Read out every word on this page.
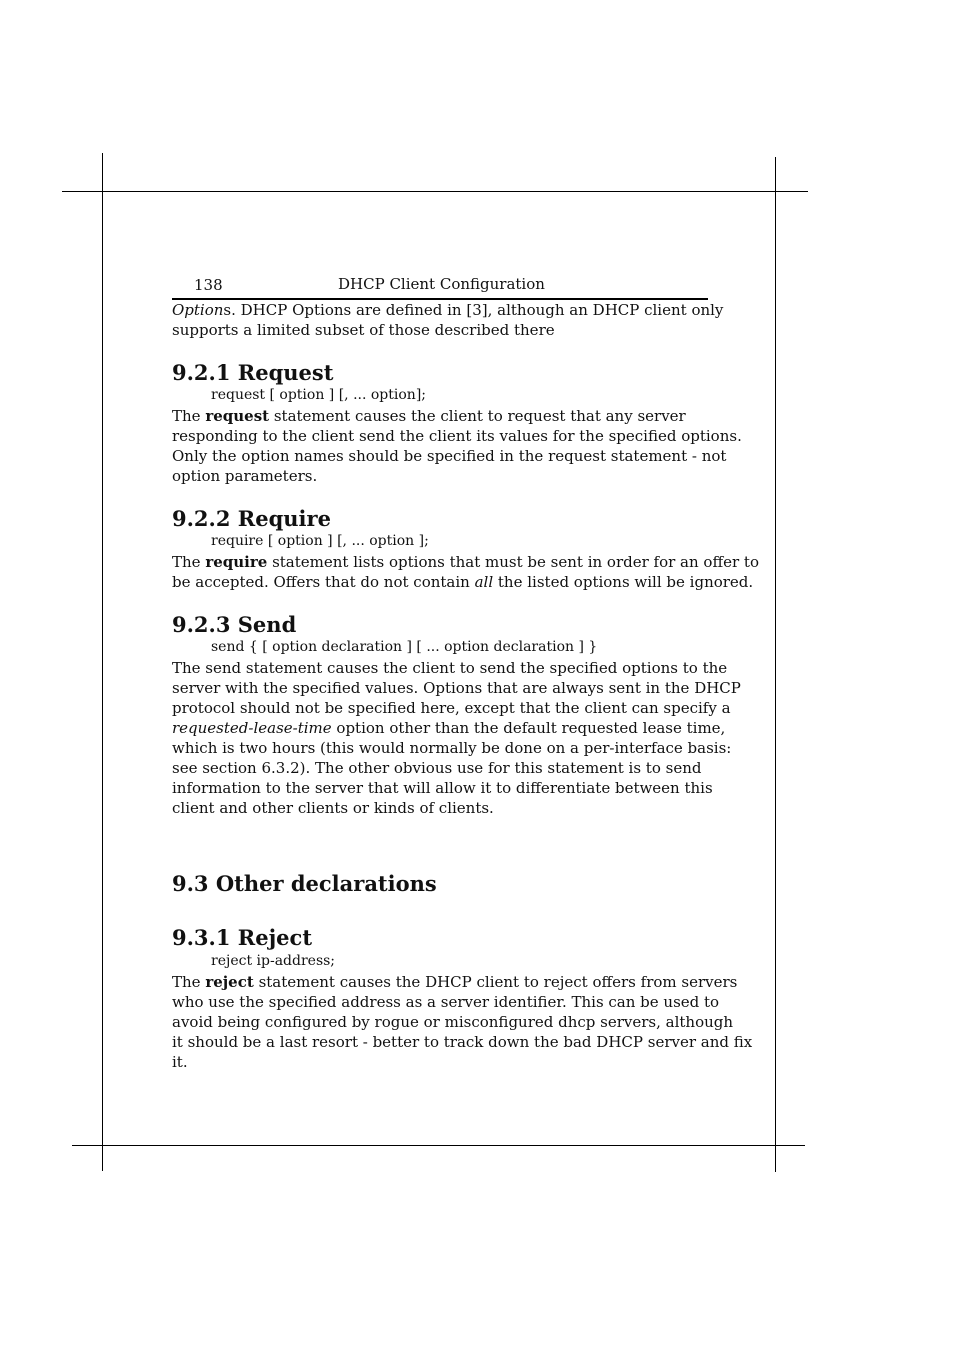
138	DHCP Client Configuration
Options. DHCP Options are defined in [3], although an DHCP client only
supports a limited subset of those described there
9.2.1 Request
request [ option ] [, ... option];
The request statement causes the client to request that any server
responding to the client send the client its values for the specified options.
Only the option names should be specified in the request statement - not
option parameters.
9.2.2 Require
require [ option ] [, ... option ];
The require statement lists options that must be sent in order for an offer to
be accepted. Offers that do not contain all the listed options will be ignored.
9.2.3 Send
send { [ option declaration ] [ ... option declaration ] }
The send statement causes the client to send the specified options to the
server with the specified values. Options that are always sent in the DHCP
protocol should not be specified here, except that the client can specify a
requested-lease-time option other than the default requested lease time,
which is two hours (this would normally be done on a per-interface basis:
see section 6.3.2). The other obvious use for this statement is to send
information to the server that will allow it to differentiate between this
client and other clients or kinds of clients.
9.3 Other declarations
9.3.1 Reject
reject ip-address;
The reject statement causes the DHCP client to reject offers from servers
who use the specified address as a server identifier. This can be used to
avoid being configured by rogue or misconfigured dhcp servers, although
it should be a last resort - better to track down the bad DHCP server and fix
it.
